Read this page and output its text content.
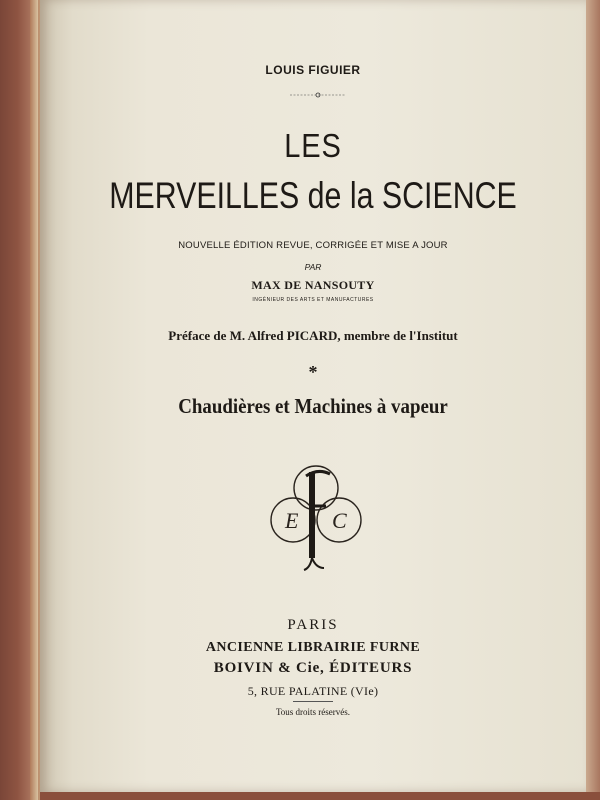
LOUIS FIGUIER
LES
MERVEILLES de la SCIENCE
NOUVELLE ÉDITION REVUE, CORRIGÉE ET MISE A JOUR
PAR
MAX DE NANSOUTY
INGÉNIEUR DES ARTS ET MANUFACTURES
Préface de M. Alfred PICARD, membre de l'Institut
*
Chaudières et Machines à vapeur
E C
PARIS
ANCIENNE LIBRAIRIE FURNE
BOIVIN & Cie, ÉDITEURS
5, RUE PALATINE (VIe)
Tous droits réservés.
